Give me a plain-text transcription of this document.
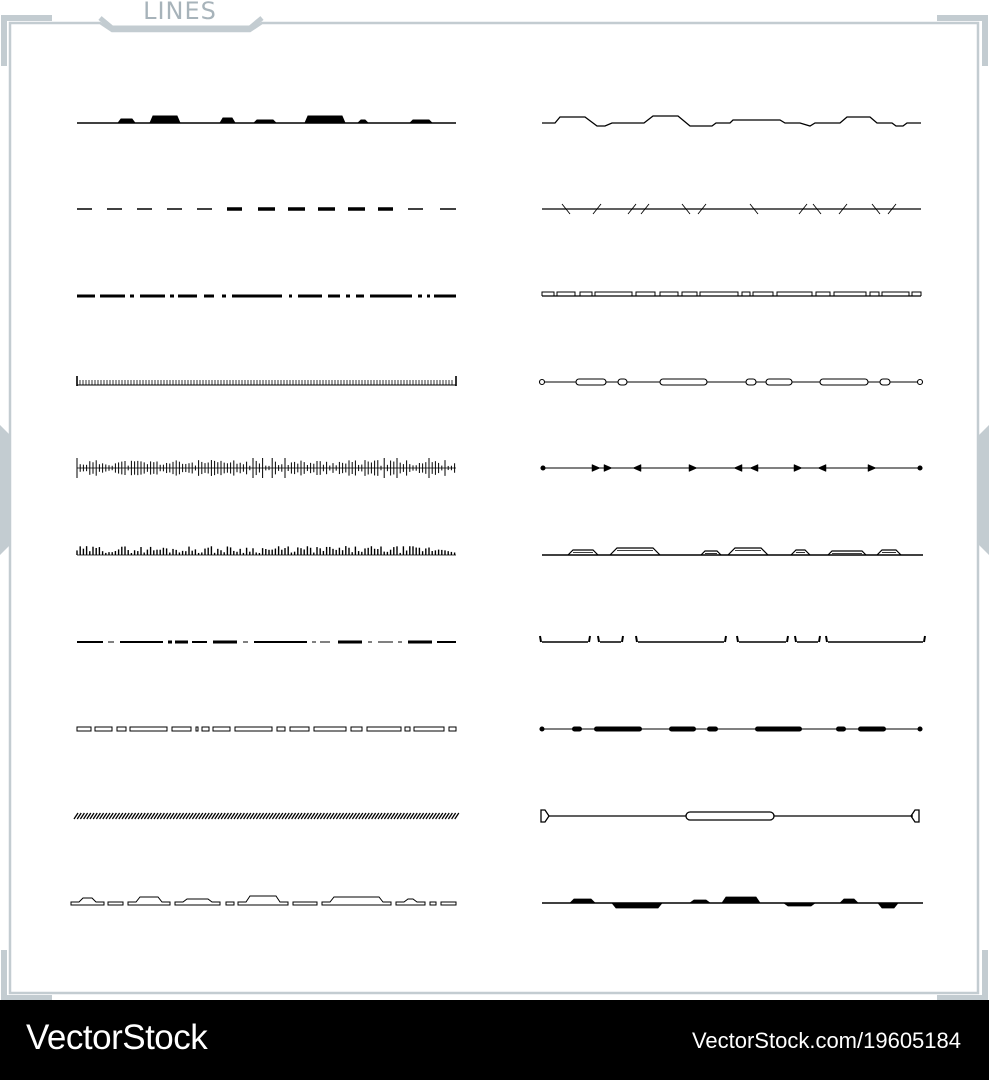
LINES
VectorStock	VectorStock.com/19605184
